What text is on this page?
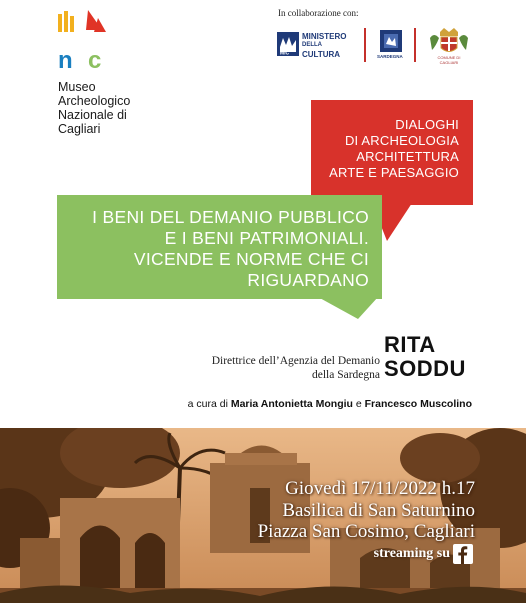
n c
Museo
Archeologico
Nazionale di
Cagliari
In collaborazione con:
MiC
MINISTERO
DELLA
CULTURA	SARDEGNA	COMUNE DI CAGLIARI
DIALOGHI
DI ARCHEOLOGIA
ARCHITETTURA
ARTE E PAESAGGIO
I BENI DEL DEMANIO PUBBLICO
E I BENI PATRIMONIALI.
VICENDE E NORME CHE CI
RIGUARDANO
Direttrice dell’Agenzia del Demanio
della Sardegna
RITA
SODDU
a cura di Maria Antonietta Mongiu e Francesco Muscolino
Giovedì 17/11/2022 h.17
Basilica di San Saturnino
Piazza San Cosimo, Cagliari
streaming su
